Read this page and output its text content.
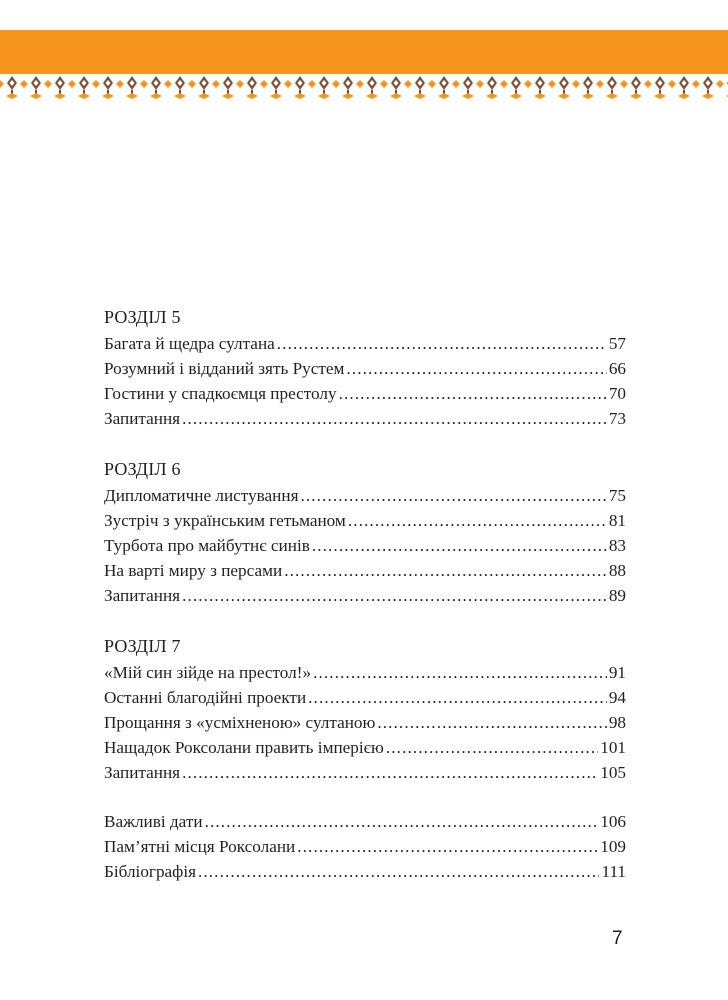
РОЗДІЛ 5
Багата й щедра султана . . .	57
Розумний і відданий зять Рустем . . .	66
Гостини у спадкоємця престолу . . .	70
Запитання . . .	73
РОЗДІЛ 6
Дипломатичне листування . . .	75
Зустріч з українським гетьманом . . .	81
Турбота про майбутнє синів . . .	83
На варті миру з персами . . .	88
Запитання . . .	89
РОЗДІЛ 7
«Мій син зійде на престол!» . . .	91
Останні благодійні проекти . . .	94
Прощання з «усміхненою» султаною . . .	98
Нащадок Роксолани править імперією . . .	101
Запитання . . .	105
Важливі дати . . .	106
Пам’ятні місця Роксолани . . .	109
Бібліографія . . .	111
7
